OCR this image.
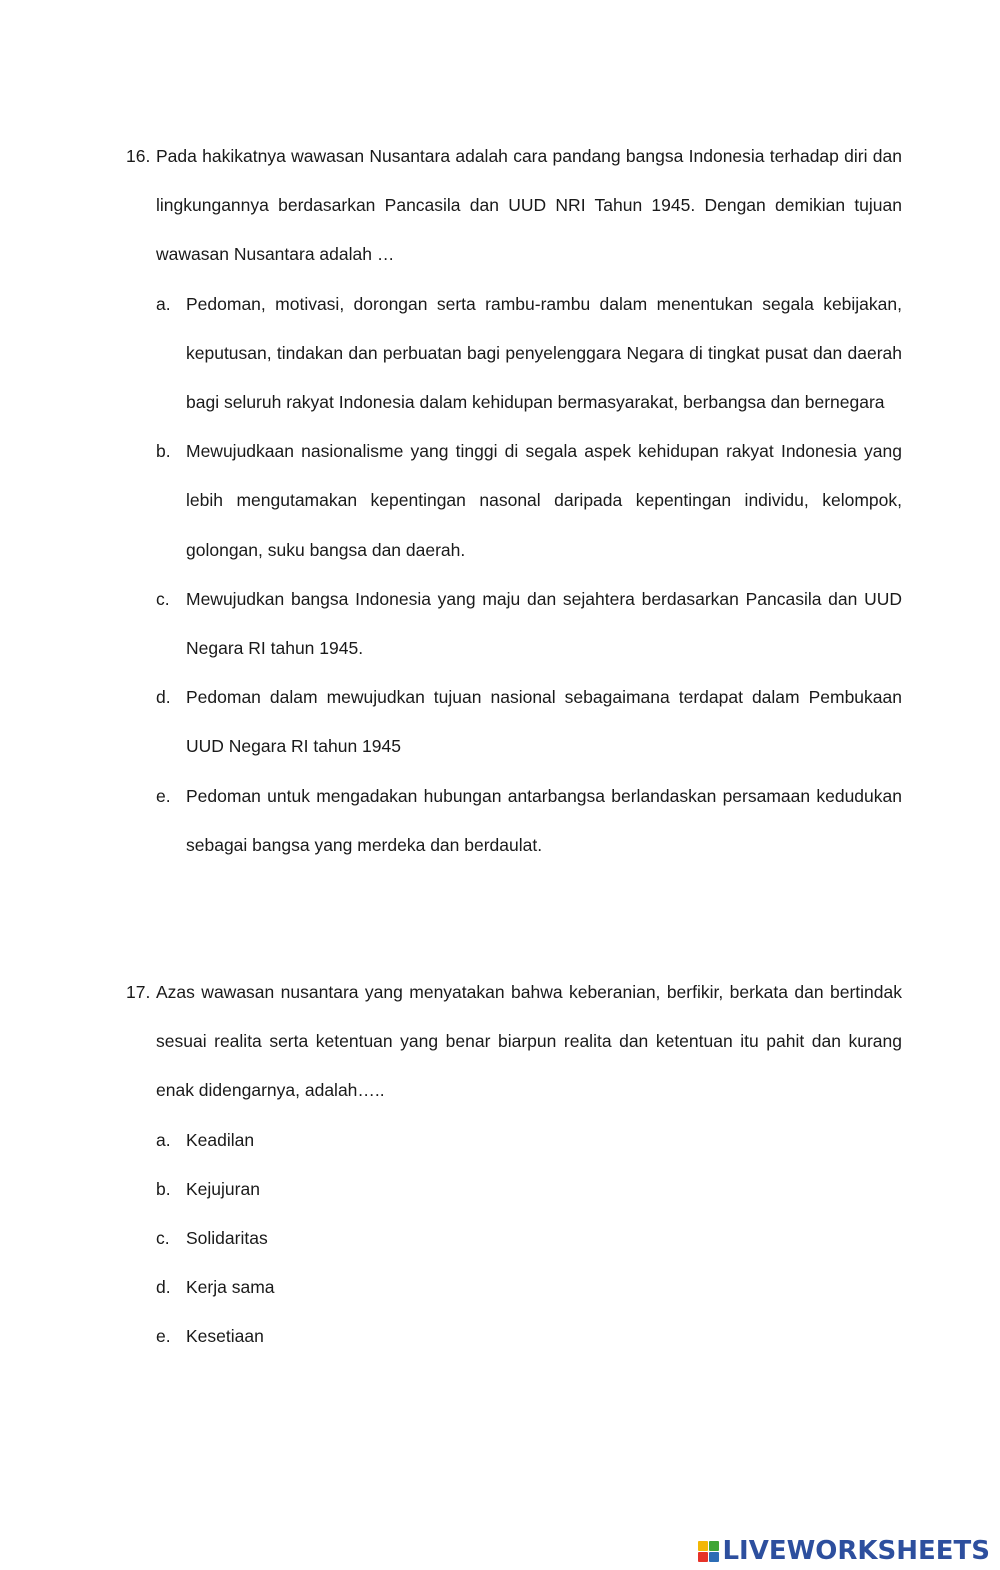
16. Pada hakikatnya wawasan Nusantara adalah cara pandang bangsa Indonesia terhadap diri dan lingkungannya berdasarkan Pancasila dan UUD NRI Tahun 1945. Dengan demikian tujuan wawasan Nusantara adalah …
a. Pedoman, motivasi, dorongan serta rambu-rambu dalam menentukan segala kebijakan, keputusan, tindakan dan perbuatan bagi penyelenggara Negara di tingkat pusat dan daerah bagi seluruh rakyat Indonesia dalam kehidupan bermasyarakat, berbangsa dan bernegara
b. Mewujudkaan nasionalisme yang tinggi di segala aspek kehidupan rakyat Indonesia yang lebih mengutamakan kepentingan nasonal daripada kepentingan individu, kelompok, golongan, suku bangsa dan daerah.
c. Mewujudkan bangsa Indonesia yang maju dan sejahtera berdasarkan Pancasila dan UUD Negara RI tahun 1945.
d. Pedoman dalam mewujudkan tujuan nasional sebagaimana terdapat dalam Pembukaan UUD Negara RI tahun 1945
e. Pedoman untuk mengadakan hubungan antarbangsa berlandaskan persamaan kedudukan sebagai bangsa yang merdeka dan berdaulat.
17. Azas wawasan nusantara yang menyatakan bahwa keberanian, berfikir, berkata dan bertindak sesuai realita serta ketentuan yang benar biarpun realita dan ketentuan itu pahit dan kurang enak didengarnya, adalah…..
a. Keadilan
b. Kejujuran
c. Solidaritas
d. Kerja sama
e. Kesetiaan
LIVEWORKSHEETS
